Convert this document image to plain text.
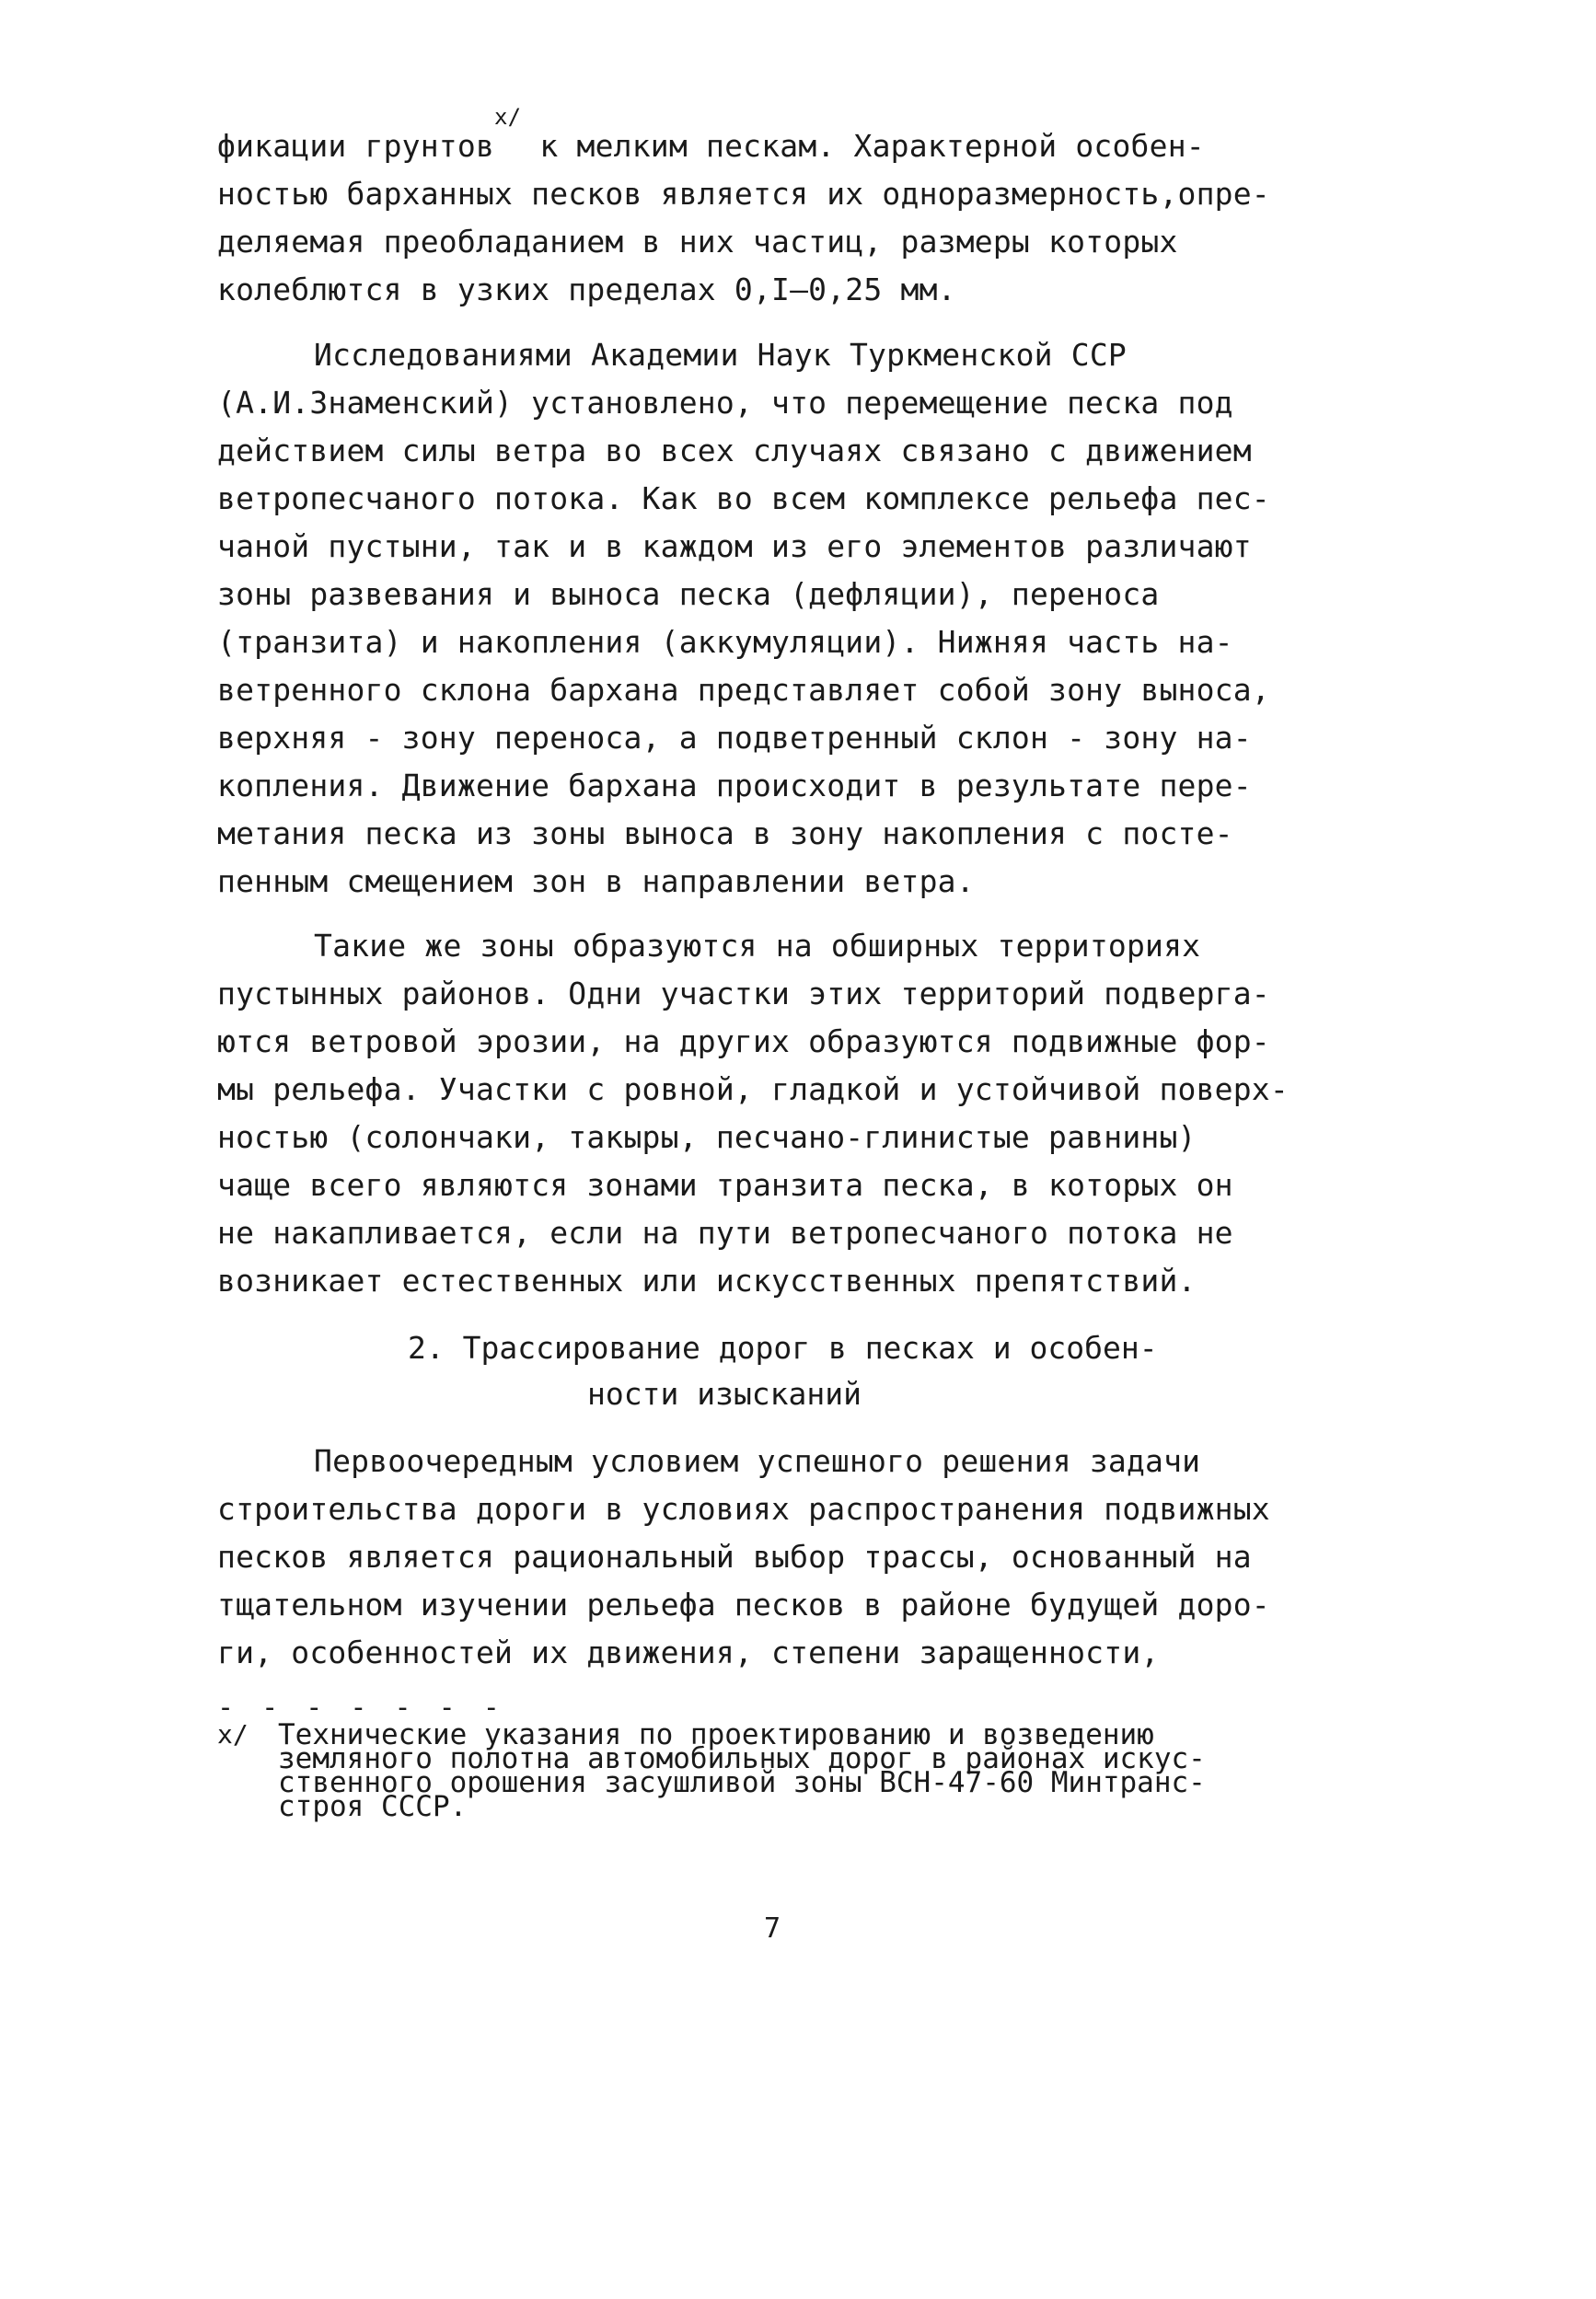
фикации грунтов$^{x/}$ к мелким пескам. Характерной особен-
ностью барханных песков является их одноразмерность,опре-
деляемая преобладанием в них частиц, размеры которых
колеблются в узких пределах 0,I–0,25 мм.
Исследованиями Академии Наук Туркменской ССР
(А.И.Знаменский) установлено, что перемещение песка под
действием силы ветра во всех случаях связано с движением
ветропесчаного потока. Как во всем комплексе рельефа пес-
чаной пустыни, так и в каждом из его элементов различают
зоны развевания и выноса песка (дефляции), переноса
(транзита) и накопления (аккумуляции). Нижняя часть на-
ветренного склона бархана представляет собой зону выноса,
верхняя - зону переноса, а подветренный склон - зону на-
копления. Движение бархана происходит в результате пере-
метания песка из зоны выноса в зону накопления с посте-
пенным смещением зон в направлении ветра.
Такие же зоны образуются на обширных территориях
пустынных районов. Одни участки этих территорий подверга-
ются ветровой эрозии, на других образуются подвижные фор-
мы рельефа. Участки с ровной, гладкой и устойчивой поверх-
ностью (солончаки, такыры, песчано-глинистые равнины)
чаще всего являются зонами транзита песка, в которых он
не накапливается, если на пути ветропесчаного потока не
возникает естественных или искусственных препятствий.
2. Трассирование дорог в песках и особен-
ности изысканий
Первоочередным условием успешного решения задачи
строительства дороги в условиях распространения подвижных
песков является рациональный выбор трассы, основанный на
тщательном изучении рельефа песков в районе будущей доро-
ги, особенностей их движения, степени заращенности,
- - - - - - -
x/ Технические указания по проектированию и возведению
земляного полотна автомобильных дорог в районах искус-
ственного орошения засушливой зоны ВСН-47-60 Минтранс-
строя СССР.
7
